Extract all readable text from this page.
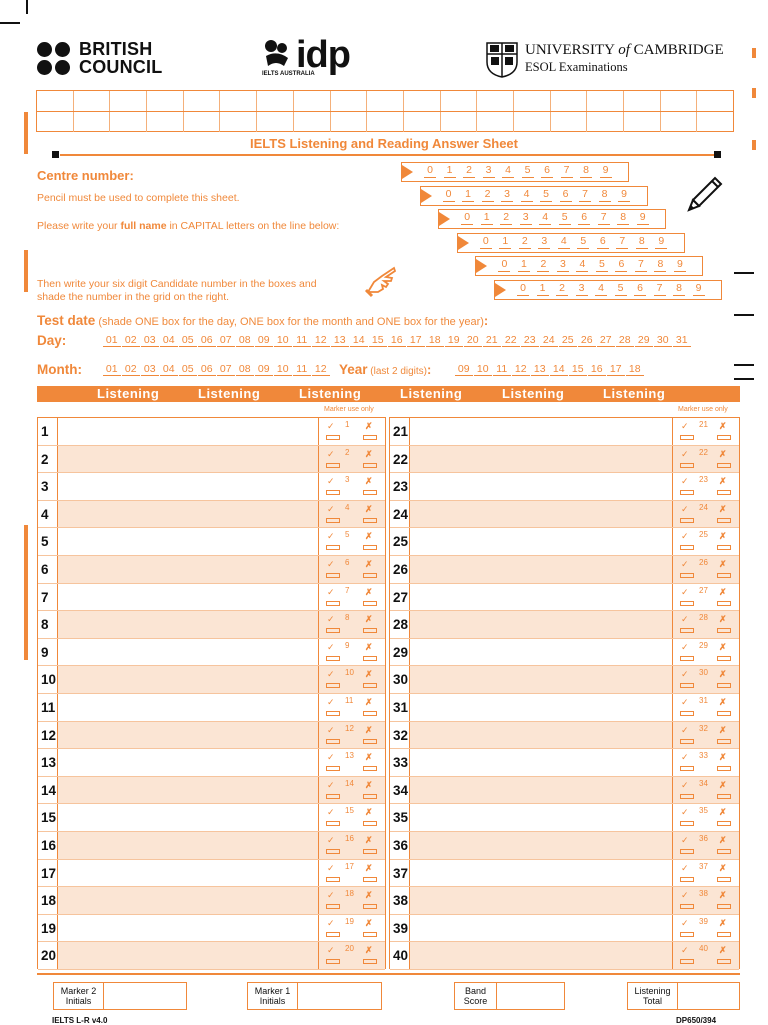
BRITISH
COUNCIL	idp
IELTS AUSTRALIA
UNIVERSITY of CAMBRIDGE
ESOL Examinations
IELTS Listening and Reading Answer Sheet
Centre number:
Pencil must be used to complete this sheet.
Please write your full name in CAPITAL letters on the line below:
Then write your six digit Candidate number in the boxes and
shade the number in the grid on the right.
0 1 2 3 4 5 6 7 8 9
0 1 2 3 4 5 6 7 8 9
0 1 2 3 4 5 6 7 8 9
0 1 2 3 4 5 6 7 8 9
0 1 2 3 4 5 6 7 8 9
0 1 2 3 4 5 6 7 8 9
Test date (shade ONE box for the day, ONE box for the month and ONE box for the year):
Day:	01 02 03 04 05 06 07 08 09 10 11 12 13 14 15 16 17 18 19 20 21 22 23 24 25 26 27 28 29 30 31
Month: 01 02 03 04 05 06 07 08 09 10 11 12 Year (last 2 digits):	09 10 11 12 13 14 15 16 17 18
Listening	Listening	Listening	Listening	Listening	Listening
Marker use only	Marker use only
1	✓ 1 ✗
2	✓ 2 ✗
3	✓ 3 ✗
4	✓ 4 ✗
5	✓ 5 ✗
6	✓ 6 ✗
7	✓ 7 ✗
8	✓ 8 ✗
9	✓ 9 ✗
10	✓ 10 ✗
11	✓ 11 ✗
12	✓ 12 ✗
13	✓ 13 ✗
14	✓ 14 ✗
15	✓ 15 ✗
16	✓ 16 ✗
17	✓ 17 ✗
18	✓ 18 ✗
19	✓ 19 ✗
20	✓ 20 ✗
21	✓ 21 ✗
22	✓ 22 ✗
23	✓ 23 ✗
24	✓ 24 ✗
25	✓ 25 ✗
26	✓ 26 ✗
27	✓ 27 ✗
28	✓ 28 ✗
29	✓ 29 ✗
30	✓ 30 ✗
31	✓ 31 ✗
32	✓ 32 ✗
33	✓ 33 ✗
34	✓ 34 ✗
35	✓ 35 ✗
36	✓ 36 ✗
37	✓ 37 ✗
38	✓ 38 ✗
39	✓ 39 ✗
40	✓ 40 ✗
Marker 2
Initials
Marker 1
Initials
Band
Score
Listening
Total
IELTS L-R v4.0	DP650/394
